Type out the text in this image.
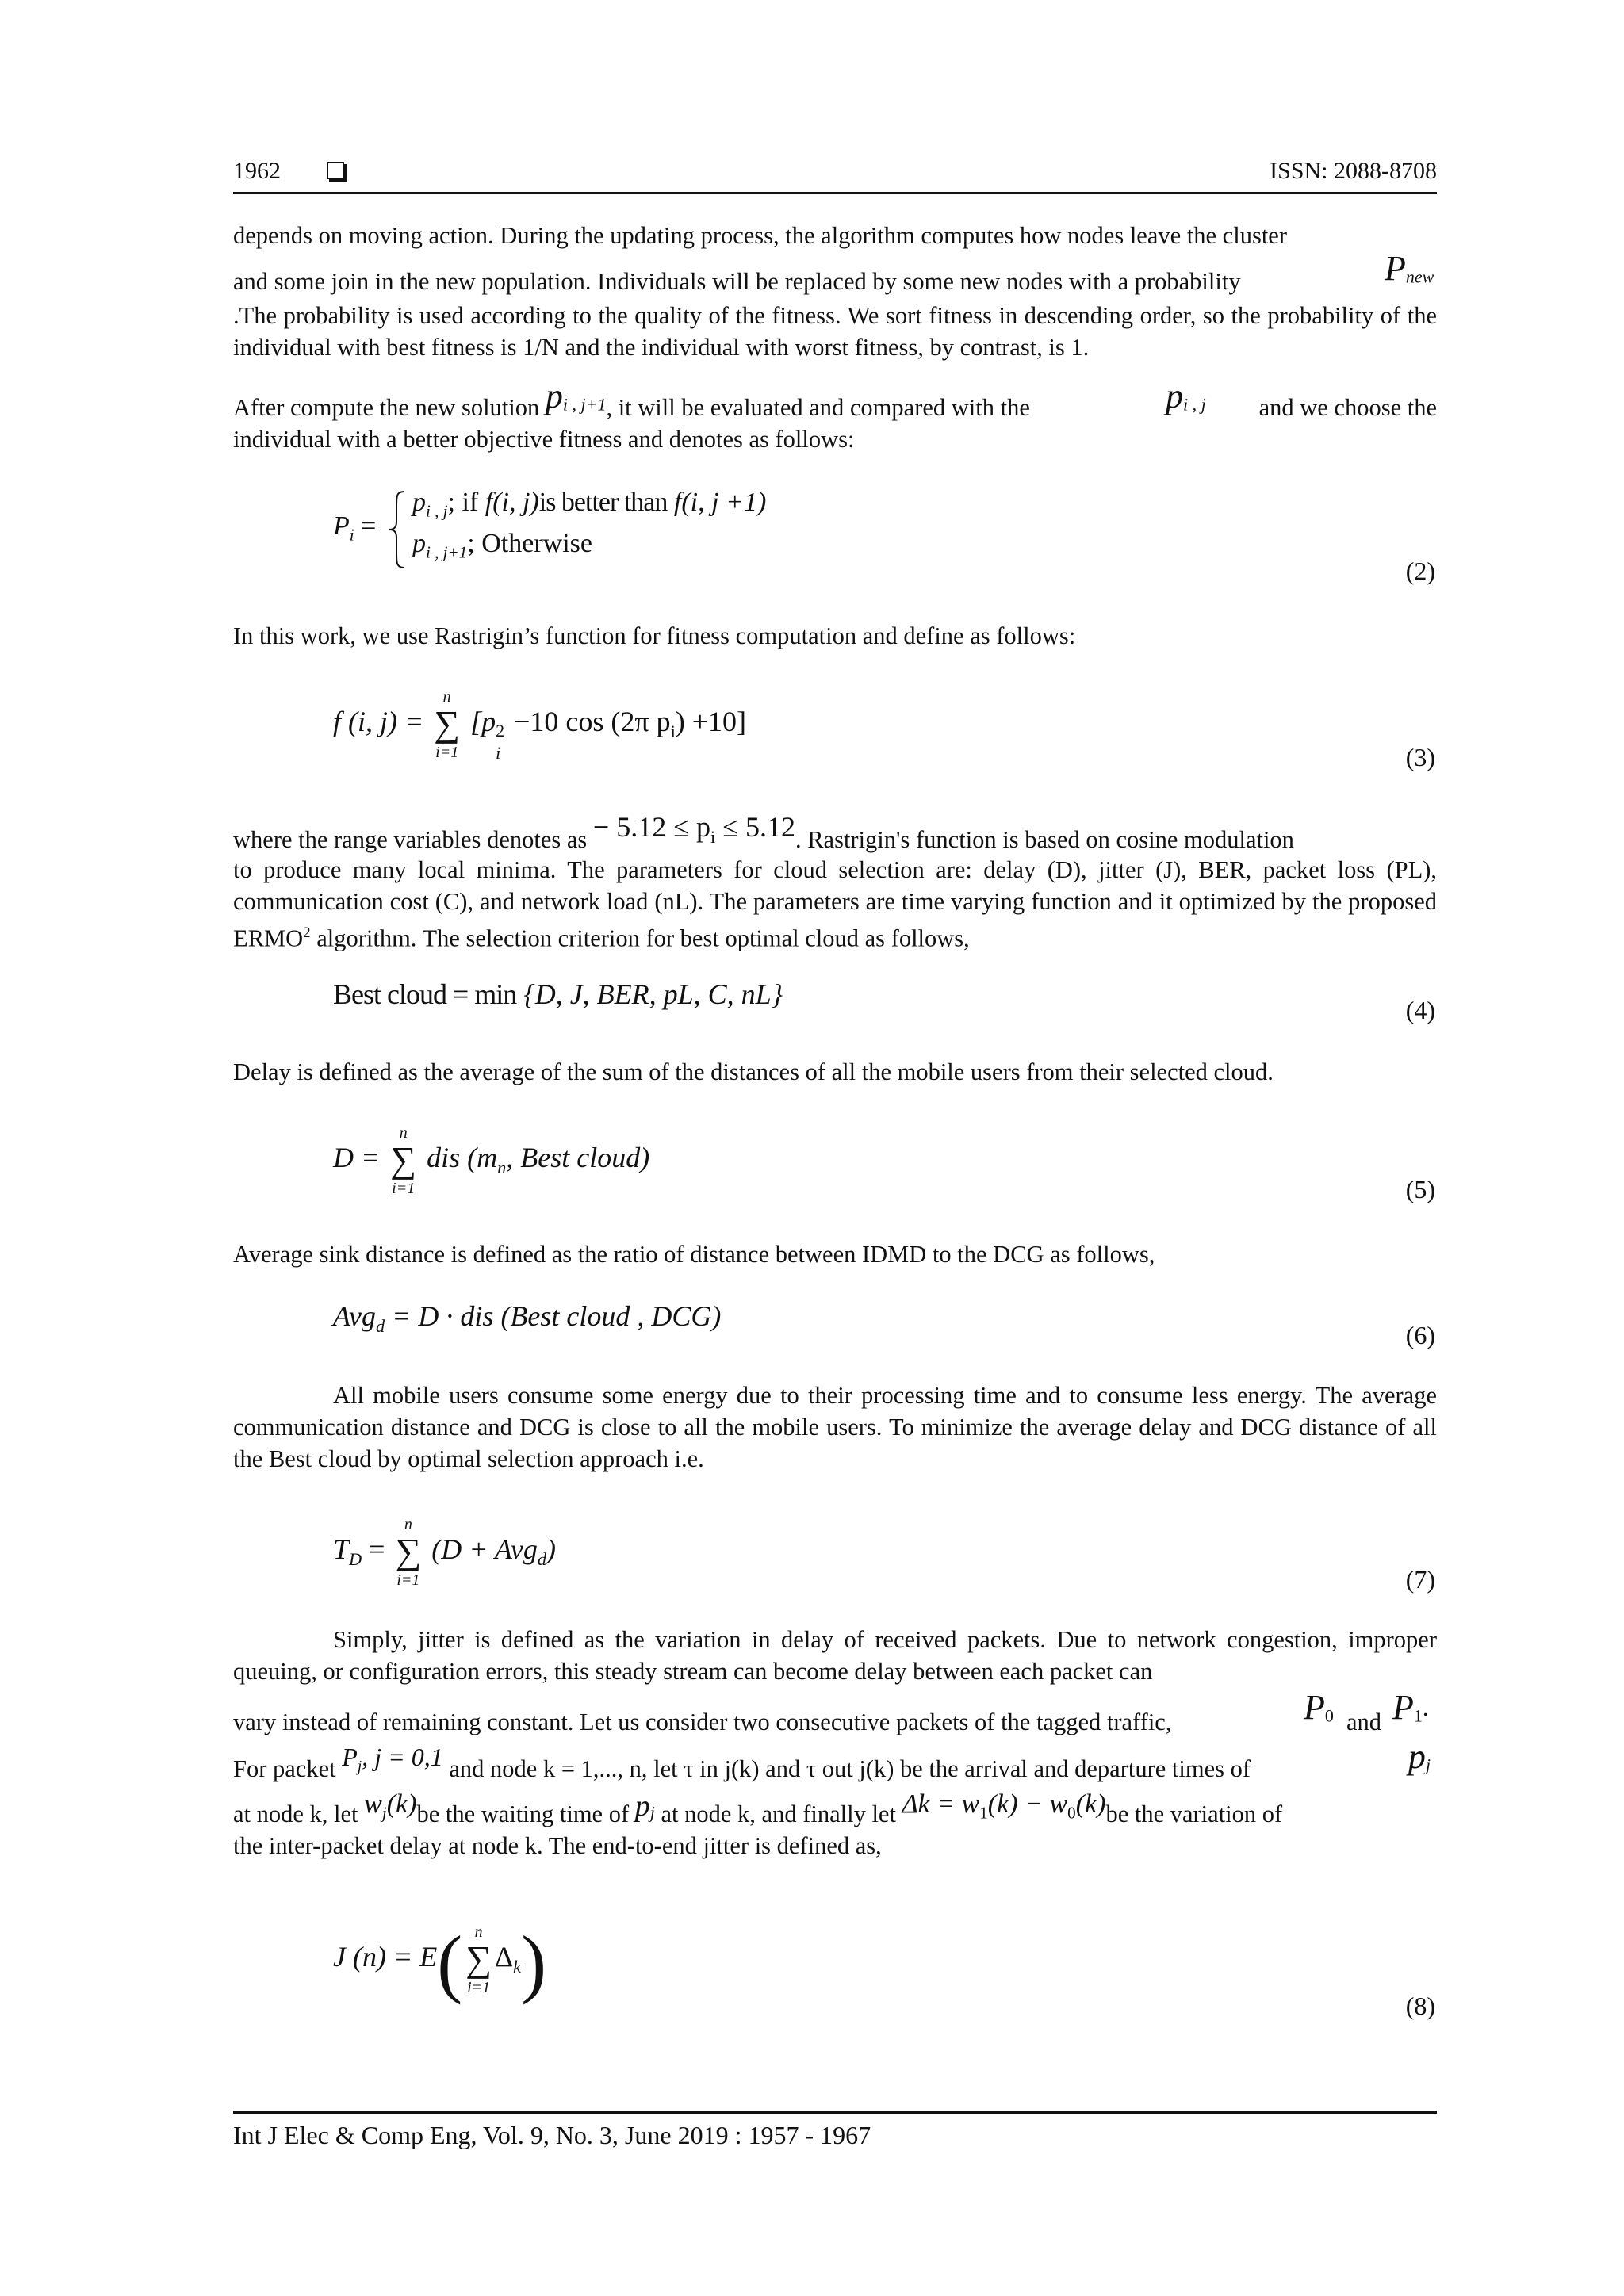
1962	ISSN: 2088-8708

depends on moving action. During the updating process, the algorithm computes how nodes leave the cluster

and some join in the new population. Individuals will be replaced by some new nodes with a probability	$P_{new}$

.The probability is used according to the quality of the fitness. We sort fitness in descending order, so the probability of the individual with best fitness is 1/N and the individual with worst fitness, by contrast, is 1.

After compute the new solution $p_{i , j+1}$, it will be evaluated and compared with the	$p_{i , j}$ and we choose the
individual with a better objective fitness and denotes as follows:
$P_i$ =
$p_{i , j}$; if f(i, j)is better than f(i, j +1)
$p_{i , j+1}$; Otherwise
(2)
In this work, we use Rastrigin’s function for fitness computation and define as follows:
f (i, j) = ∑
n
i=1
[p 2
i
−10 cos (2π $p_i) +10$]
(3)
where the range variables denotes as − $5.12 \le p_i \le 5.12$. Rastrigin's function is based on cosine modulation

to produce many local minima. The parameters for cloud selection are: delay (D), jitter (J), BER, packet loss (PL), communication cost (C), and network load (nL). The parameters are time varying function and it optimized by the proposed ERMO$^2$ algorithm. The selection criterion for best optimal cloud as follows,

Best cloud = min {D, J, BER, pL, C, nL}	(4)
Delay is defined as the average of the sum of the distances of all the mobile users from their selected cloud.
D = ∑
n
i=1
dis ($m_n$, Best cloud)
(5)
Average sink distance is defined as the ratio of distance between IDMD to the DCG as follows,
Avg$_d$ = D · dis (Best cloud , DCG)
(6)

All mobile users consume some energy due to their processing time and to consume less energy. The average communication distance and DCG is close to all the mobile users. To minimize the average delay and DCG distance of all the Best cloud by optimal selection approach i.e.

$T_D$ = ∑
n
i=1
(D + Avg$_d$)
(7)

Simply, jitter is defined as the variation in delay of received packets. Due to network congestion, improper queuing, or configuration errors, this steady stream can become delay between each packet can

vary instead of remaining constant. Let us consider two consecutive packets of the tagged traffic,	$P_0$ and $P_1$.
For packet $P_j$, j = 0,1 and node k = 1,..., n, let τ in j(k) and τ out j(k) be the arrival and departure times of	$p_j$
at node k, let $w_j(k)be$ the waiting time of $p_j$ at node k, and finally let $\Delta k = w_1(k) - w_0(k)be$ the variation of
the inter-packet delay at node k. The end-to-end jitter is defined as,
J (n) = E(∑
n
i=1
$\Delta_k$)
(8)
Int J Elec & Comp Eng, Vol. 9, No. 3, June 2019 : 1957 - 1967
